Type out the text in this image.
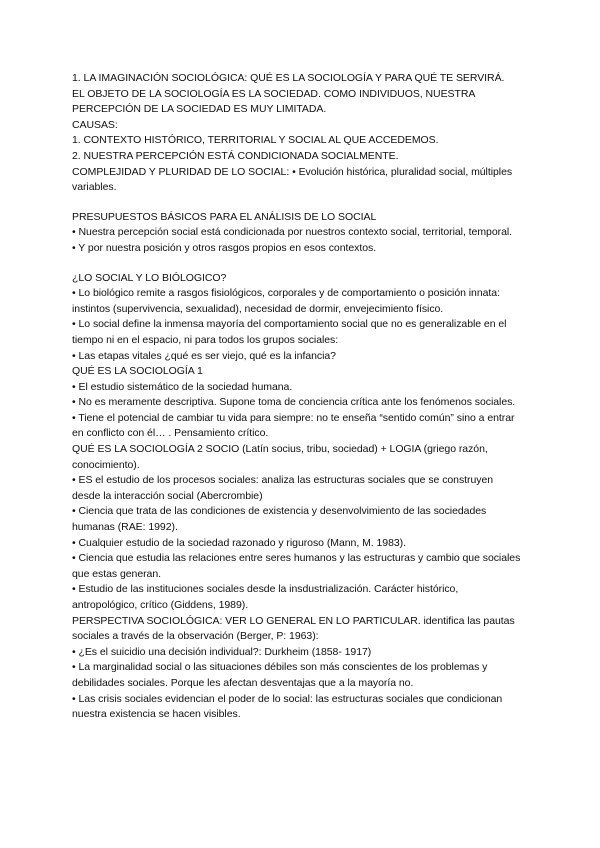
1. LA IMAGINACIÓN SOCIOLÓGICA: QUÉ ES LA SOCIOLOGÍA Y PARA QUÉ TE SERVIRÁ.

EL OBJETO DE LA SOCIOLOGÍA ES LA SOCIEDAD. COMO INDIVIDUOS, NUESTRA PERCEPCIÓN DE LA SOCIEDAD ES MUY LIMITADA.

CAUSAS:

1. CONTEXTO HISTÓRICO, TERRITORIAL Y SOCIAL AL QUE ACCEDEMOS.

2. NUESTRA PERCEPCIÓN ESTÁ CONDICIONADA SOCIALMENTE.

COMPLEJIDAD Y PLURIDAD DE LO SOCIAL: • Evolución histórica, pluralidad social, múltiples variables.

PRESUPUESTOS BÁSICOS PARA EL ANÁLISIS DE LO SOCIAL

• Nuestra percepción social está condicionada por nuestros contexto social, territorial, temporal.

• Y por nuestra posición y otros rasgos propios en esos contextos.

¿LO SOCIAL Y LO BIÓLOGICO?

• Lo biológico remite a rasgos fisiológicos, corporales y de comportamiento o posición innata: instintos (supervivencia, sexualidad), necesidad de dormir, envejecimiento físico.

• Lo social define la inmensa mayoría del comportamiento social que no es generalizable en el tiempo ni en el espacio, ni para todos los grupos sociales:

• Las etapas vitales ¿qué es ser viejo, qué es la infancia?

QUÉ ES LA SOCIOLOGÍA 1

• El estudio sistemático de la sociedad humana.

• No es meramente descriptiva. Supone toma de conciencia crítica ante los fenómenos sociales.

• Tiene el potencial de cambiar tu vida para siempre: no te enseña “sentido común” sino a entrar en conflicto con él… . Pensamiento crítico.

QUÉ ES LA SOCIOLOGÍA 2 SOCIO (Latín socius, tribu, sociedad) + LOGIA (griego razón, conocimiento).

• ES el estudio de los procesos sociales: analiza las estructuras sociales que se construyen desde la interacción social (Abercrombie)

• Ciencia que trata de las condiciones de existencia y desenvolvimiento de las sociedades humanas (RAE: 1992).

• Cualquier estudio de la sociedad razonado y riguroso (Mann, M. 1983).

• Ciencia que estudia las relaciones entre seres humanos y las estructuras y cambio que sociales que estas generan.

• Estudio de las instituciones sociales desde la insdustrialización. Carácter histórico, antropológico, crítico (Giddens, 1989).

PERSPECTIVA SOCIOLÓGICA: VER LO GENERAL EN LO PARTICULAR. identifica las pautas sociales a través de la observación (Berger, P: 1963):

• ¿Es el suicidio una decisión individual?: Durkheim (1858- 1917)

• La marginalidad social o las situaciones débiles son más conscientes de los problemas y debilidades sociales. Porque les afectan desventajas que a la mayoría no.

• Las crisis sociales evidencian el poder de lo social: las estructuras sociales que condicionan nuestra existencia se hacen visibles.
